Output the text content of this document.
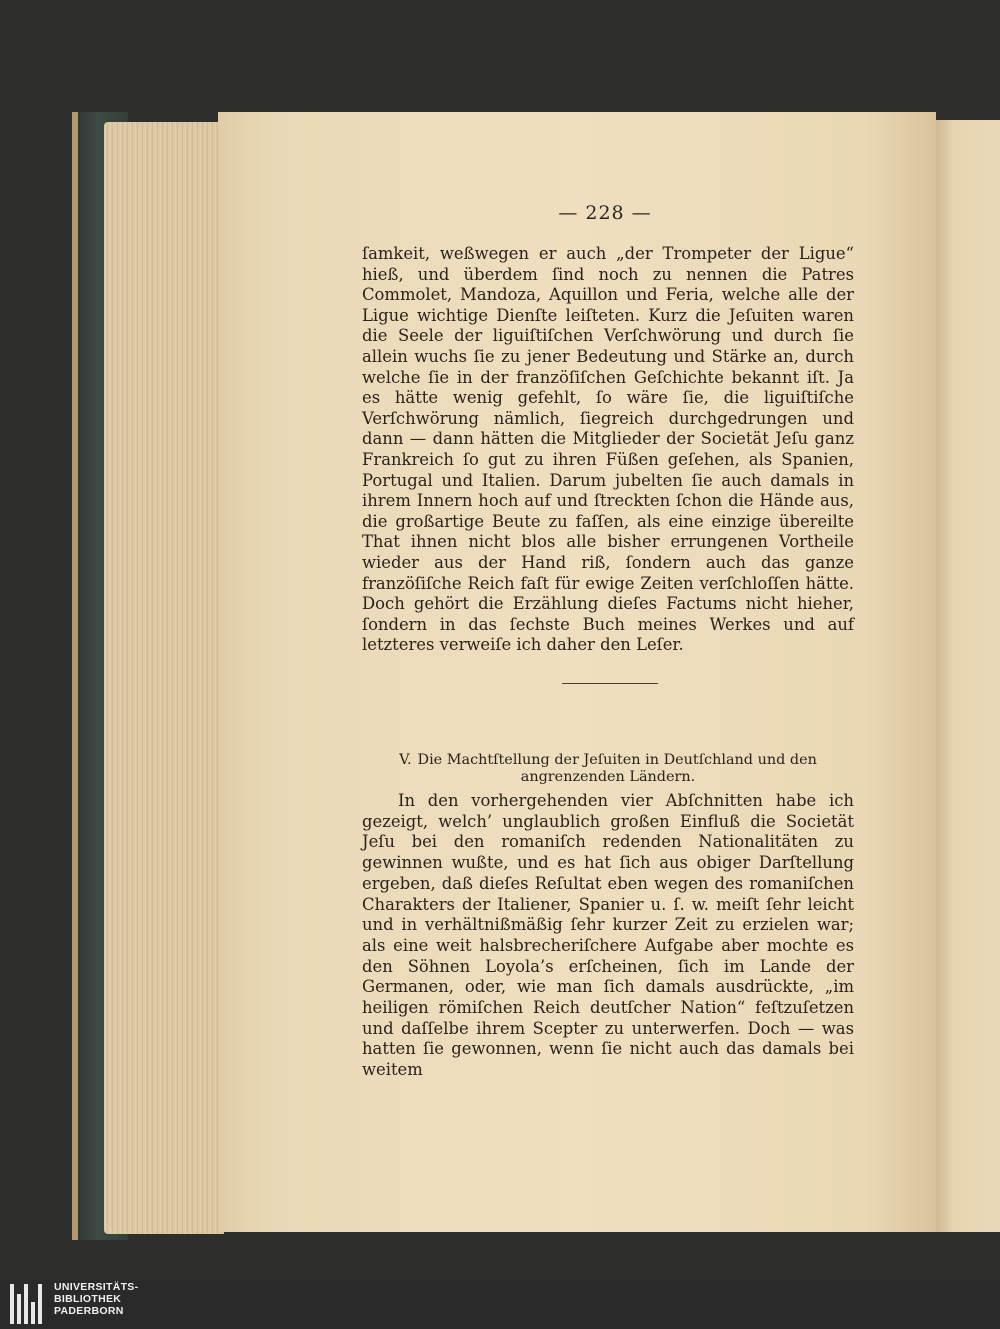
— 228 —

ſamkeit, weßwegen er auch „der Trompeter der Ligue“ hieß, und überdem ſind noch zu nennen die Patres Commolet, Mandoza, Aquillon und Feria, welche alle der Ligue wichtige Dienſte leiſteten. Kurz die Jeſuiten waren die Seele der liguiſtiſchen Verſchwörung und durch ſie allein wuchs ſie zu jener Bedeutung und Stärke an, durch welche ſie in der franzöſiſchen Geſchichte bekannt iſt. Ja es hätte wenig gefehlt, ſo wäre ſie, die liguiſtiſche Verſchwörung nämlich, ſiegreich durchgedrungen und dann — dann hätten die Mitglieder der Societät Jeſu ganz Frankreich ſo gut zu ihren Füßen geſehen, als Spanien, Portugal und Italien. Darum jubelten ſie auch damals in ihrem Innern hoch auf und ſtreckten ſchon die Hände aus, die großartige Beute zu faſſen, als eine einzige übereilte That ihnen nicht blos alle bisher errungenen Vortheile wieder aus der Hand riß, ſondern auch das ganze franzöſiſche Reich faſt für ewige Zeiten verſchloſſen hätte. Doch gehört die Erzählung dieſes Factums nicht hieher, ſondern in das ſechste Buch meines Werkes und auf letzteres verweiſe ich daher den Leſer.

V. Die Machtſtellung der Jeſuiten in Deutſchland und den
angrenzenden Ländern.

In den vorhergehenden vier Abſchnitten habe ich gezeigt, welch’ unglaublich großen Einfluß die Societät Jeſu bei den romaniſch redenden Nationalitäten zu gewinnen wußte, und es hat ſich aus obiger Darſtellung ergeben, daß dieſes Reſultat eben wegen des romaniſchen Charakters der Italiener, Spanier u. ſ. w. meiſt ſehr leicht und in verhältnißmäßig ſehr kurzer Zeit zu erzielen war; als eine weit halsbrecheriſchere Aufgabe aber mochte es den Söhnen Loyola’s erſcheinen, ſich im Lande der Germanen, oder, wie man ſich damals ausdrückte, „im heiligen römiſchen Reich deutſcher Nation“ feſtzuſetzen und daſſelbe ihrem Scepter zu unterwerfen. Doch — was hatten ſie gewonnen, wenn ſie nicht auch das damals bei weitem

UNIVERSITÄTS-
BIBLIOTHEK
PADERBORN
